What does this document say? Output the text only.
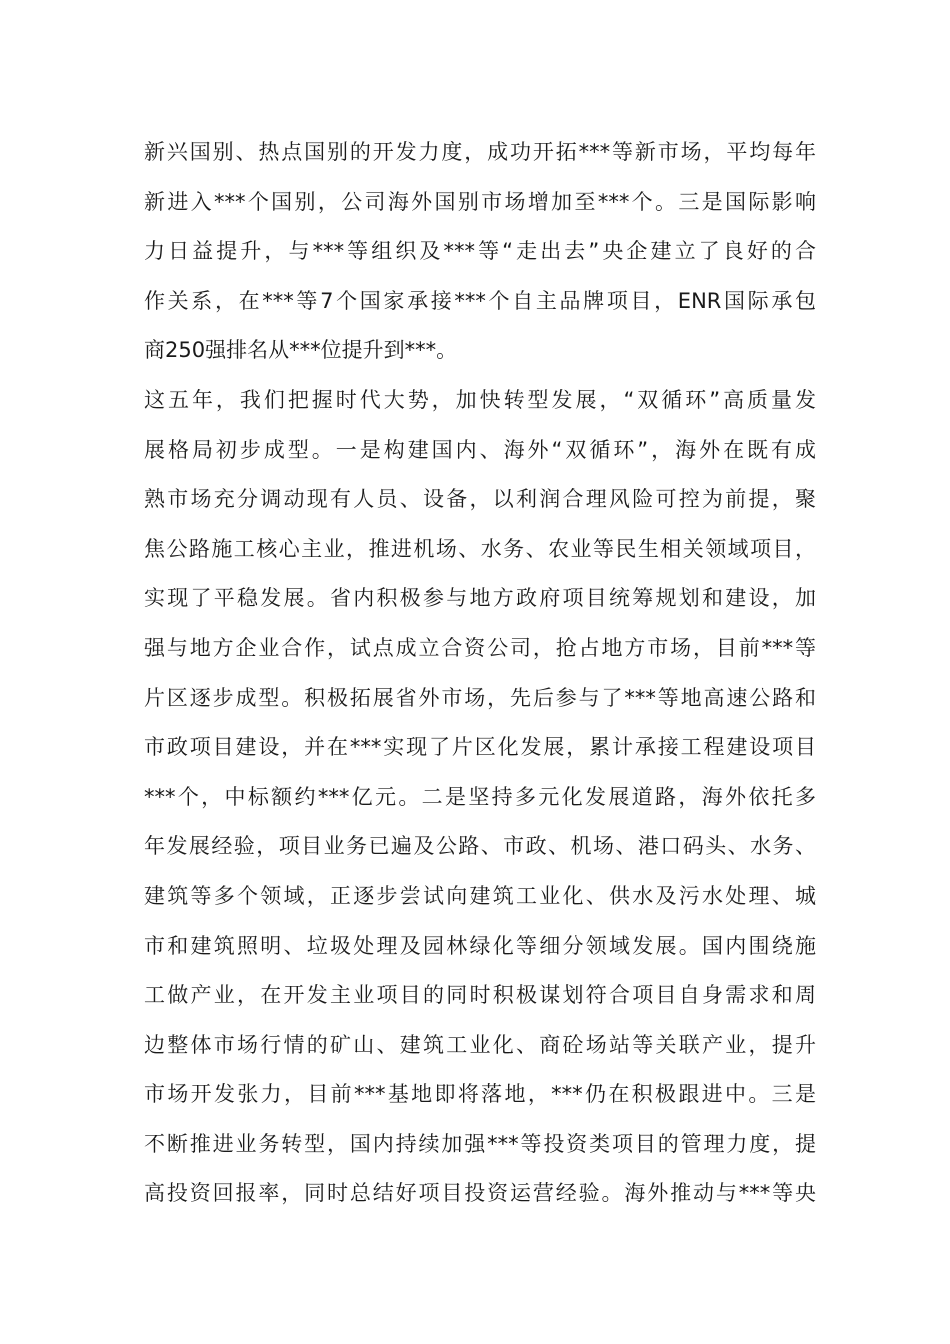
新兴国别、热点国别的开发力度，成功开拓***等新市场，平均每年
新进入***个国别，公司海外国别市场增加至***个。三是国际影响
力日益提升，与***等组织及***等“走出去”央企建立了良好的合
作关系，在***等7个国家承接***个自主品牌项目，ENR国际承包
商250强排名从***位提升到***。
这五年，我们把握时代大势，加快转型发展，“双循环”高质量发
展格局初步成型。一是构建国内、海外“双循环”，海外在既有成
熟市场充分调动现有人员、设备，以利润合理风险可控为前提，聚
焦公路施工核心主业，推进机场、水务、农业等民生相关领域项目，
实现了平稳发展。省内积极参与地方政府项目统筹规划和建设，加
强与地方企业合作，试点成立合资公司，抢占地方市场，目前***等
片区逐步成型。积极拓展省外市场，先后参与了***等地高速公路和
市政项目建设，并在***实现了片区化发展，累计承接工程建设项目
***个，中标额约***亿元。二是坚持多元化发展道路，海外依托多
年发展经验，项目业务已遍及公路、市政、机场、港口码头、水务、
建筑等多个领域，正逐步尝试向建筑工业化、供水及污水处理、城
市和建筑照明、垃圾处理及园林绿化等细分领域发展。国内围绕施
工做产业，在开发主业项目的同时积极谋划符合项目自身需求和周
边整体市场行情的矿山、建筑工业化、商砼场站等关联产业，提升
市场开发张力，目前***基地即将落地，***仍在积极跟进中。三是
不断推进业务转型，国内持续加强***等投资类项目的管理力度，提
高投资回报率，同时总结好项目投资运营经验。海外推动与***等央
